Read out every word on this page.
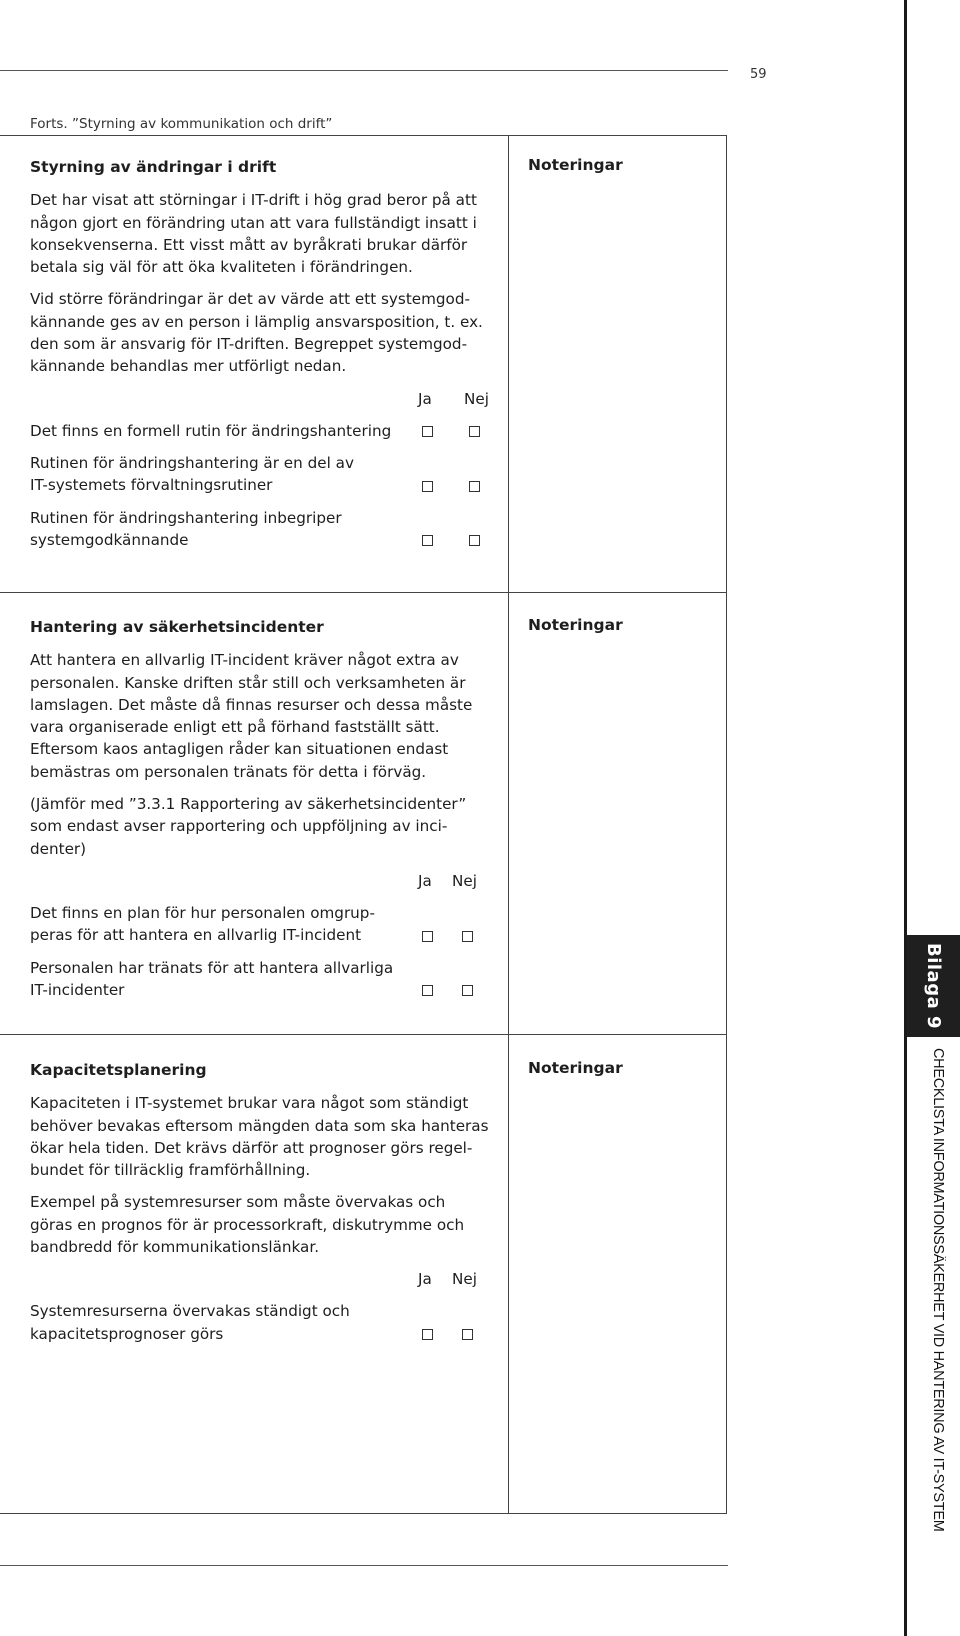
59
Forts. ”Styrning av kommunikation och drift”
Styrning av ändringar i drift

Det har visat att störningar i IT-drift i hög grad beror på att någon gjort en förändring utan att vara fullständigt insatt i konsekvenserna. Ett visst mått av byråkrati brukar därför betala sig väl för att öka kvaliteten i förändringen.

Vid större förändringar är det av värde att ett systemgod-kännande ges av en person i lämplig ansvarsposition, t. ex. den som är ansvarig för IT-driften. Begreppet systemgod-kännande behandlas mer utförligt nedan.

Ja Nej
Det finns en formell rutin för ändringshantering
Rutinen för ändringshantering är en del av IT-systemets förvaltningsrutiner
Rutinen för ändringshantering inbegriper systemgodkännande
Noteringar
Hantering av säkerhetsincidenter

Att hantera en allvarlig IT-incident kräver något extra av personalen. Kanske driften står still och verksamheten är lamslagen. Det måste då finnas resurser och dessa måste vara organiserade enligt ett på förhand fastställt sätt. Eftersom kaos antagligen råder kan situationen endast bemästras om personalen tränats för detta i förväg.

(Jämför med ”3.3.1 Rapportering av säkerhetsincidenter” som endast avser rapportering och uppföljning av inci-denter)

Ja Nej
Det finns en plan för hur personalen omgrup-peras för att hantera en allvarlig IT-incident
Personalen har tränats för att hantera allvarliga IT-incidenter
Noteringar
Kapacitetsplanering

Kapaciteten i IT-systemet brukar vara något som ständigt behöver bevakas eftersom mängden data som ska hanteras ökar hela tiden. Det krävs därför att prognoser görs regel-bundet för tillräcklig framförhållning.

Exempel på systemresurser som måste övervakas och göras en prognos för är processorkraft, diskutrymme och bandbredd för kommunikationslänkar.

Ja Nej
Systemresurserna övervakas ständigt och kapacitetsprognoser görs
Noteringar
Bilaga 9
CHECKLISTA INFORMATIONSSÄKERHET VID HANTERING AV IT-SYSTEM
